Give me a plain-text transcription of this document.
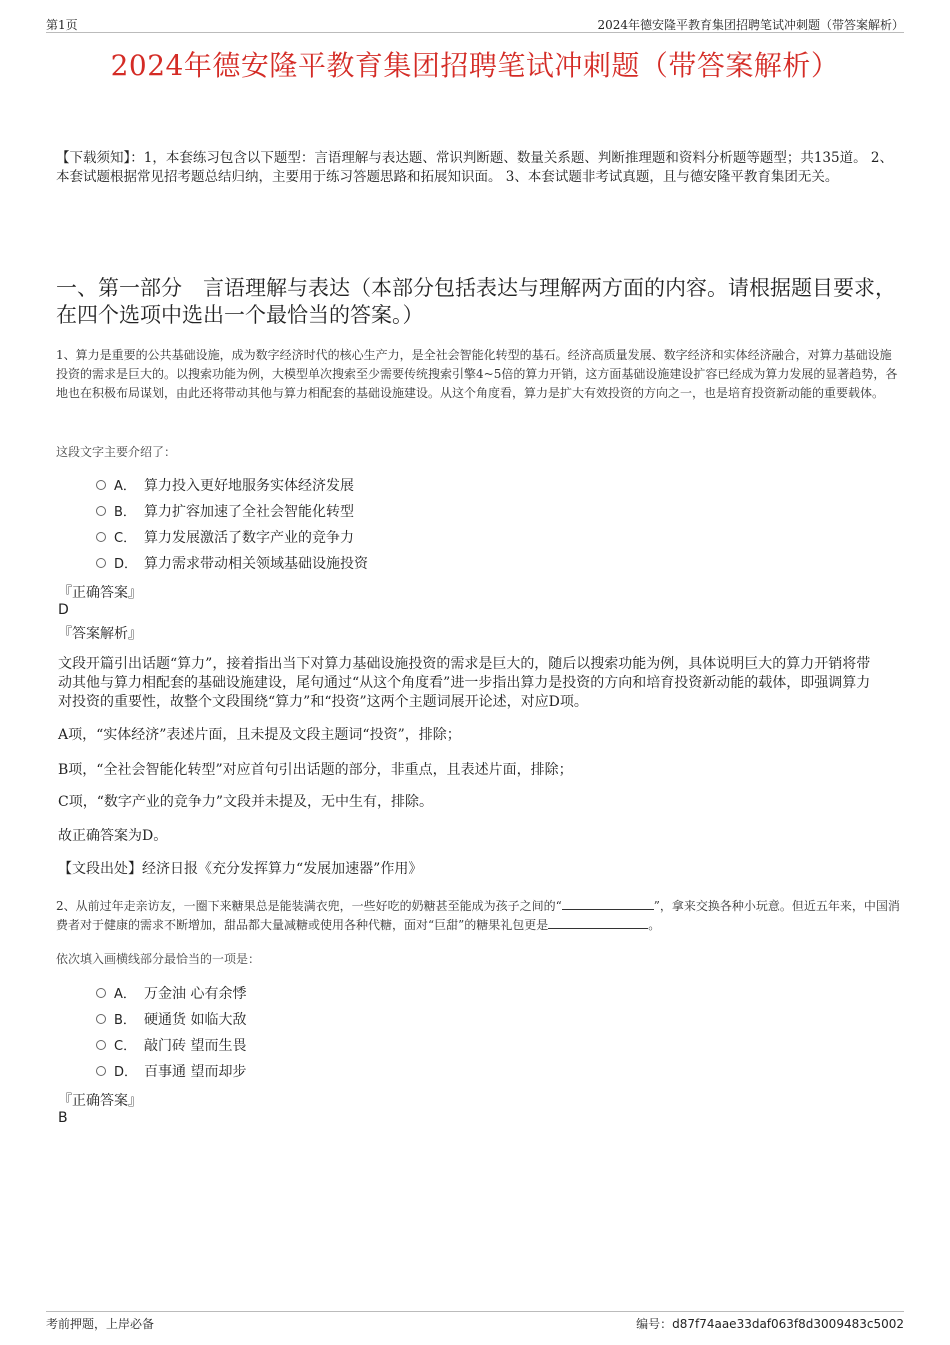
第1页	2024年德安隆平教育集团招聘笔试冲刺题（带答案解析）
2024年德安隆平教育集团招聘笔试冲刺题（带答案解析）
【下载须知】：1，本套练习包含以下题型：言语理解与表达题、常识判断题、数量关系题、判断推理题和资料分析题等题型；共135道。 2、本套试题根据常见招考题总结归纳，主要用于练习答题思路和拓展知识面。 3、本套试题非考试真题，且与德安隆平教育集团无关。
一、第一部分　言语理解与表达（本部分包括表达与理解两方面的内容。请根据题目要求，在四个选项中选出一个最恰当的答案。）
1、算力是重要的公共基础设施，成为数字经济时代的核心生产力，是全社会智能化转型的基石。经济高质量发展、数字经济和实体经济融合，对算力基础设施投资的需求是巨大的。以搜索功能为例，大模型单次搜索至少需要传统搜索引擎4~5倍的算力开销，这方面基础设施建设扩容已经成为算力发展的显著趋势，各地也在积极布局谋划，由此还将带动其他与算力相配套的基础设施建设。从这个角度看，算力是扩大有效投资的方向之一，也是培育投资新动能的重要载体。
这段文字主要介绍了：
A． 算力投入更好地服务实体经济发展
B． 算力扩容加速了全社会智能化转型
C． 算力发展激活了数字产业的竞争力
D． 算力需求带动相关领域基础设施投资
『正确答案』
D
『答案解析』
文段开篇引出话题“算力”，接着指出当下对算力基础设施投资的需求是巨大的，随后以搜索功能为例，具体说明巨大的算力开销将带动其他与算力相配套的基础设施建设，尾句通过“从这个角度看”进一步指出算力是投资的方向和培育投资新动能的载体，即强调算力对投资的重要性，故整个文段围绕“算力”和“投资”这两个主题词展开论述，对应D项。
A项，“实体经济”表述片面，且未提及文段主题词“投资”，排除；
B项，“全社会智能化转型”对应首句引出话题的部分，非重点，且表述片面，排除；
C项，“数字产业的竞争力”文段并未提及，无中生有，排除。
故正确答案为D。
【文段出处】经济日报《充分发挥算力“发展加速器”作用》
2、从前过年走亲访友，一圈下来糖果总是能装满衣兜，一些好吃的奶糖甚至能成为孩子之间的“	”，拿来交换各种小玩意。但近五年来，中国消费者对于健康的需求不断增加，甜品都大量减糖或使用各种代糖，面对“巨甜”的糖果礼包更是	。
依次填入画横线部分最恰当的一项是：
A． 万金油 心有余悸
B． 硬通货 如临大敌
C． 敲门砖 望而生畏
D． 百事通 望而却步
『正确答案』
B
考前押题，上岸必备	编号：d87f74aae33daf063f8d3009483c5002
